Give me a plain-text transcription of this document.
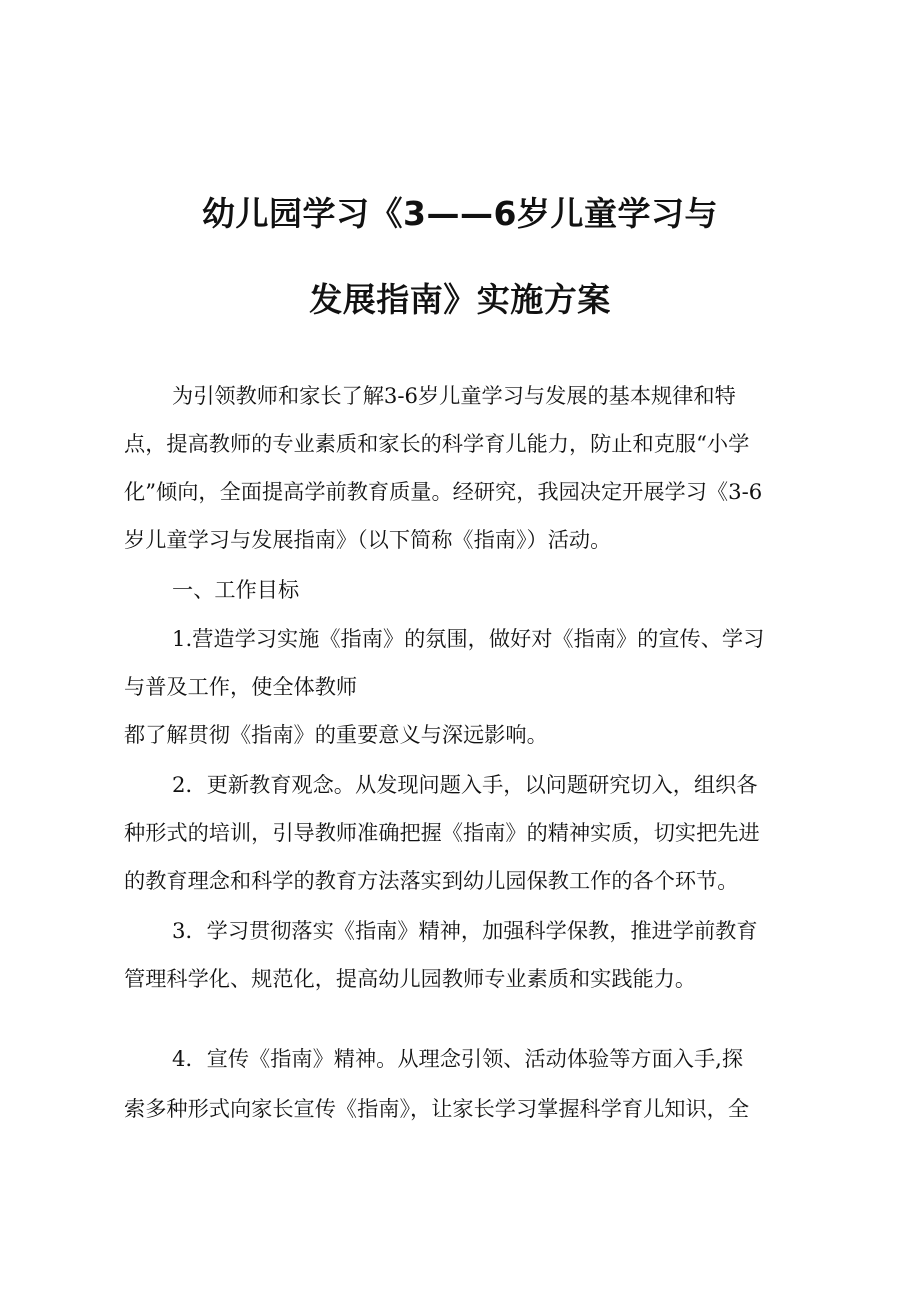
幼儿园学习《3——6岁儿童学习与
发展指南》实施方案
为引领教师和家长了解3-6岁儿童学习与发展的基本规律和特
点，提高教师的专业素质和家长的科学育儿能力，防止和克服“小学
化”倾向，全面提高学前教育质量。经研究，我园决定开展学习《3-6
岁儿童学习与发展指南》（以下简称《指南》）活动。
一、工作目标
1.营造学习实施《指南》的氛围，做好对《指南》的宣传、学习
与普及工作，使全体教师
都了解贯彻《指南》的重要意义与深远影响。
2．更新教育观念。从发现问题入手，以问题研究切入，组织各
种形式的培训，引导教师准确把握《指南》的精神实质，切实把先进
的教育理念和科学的教育方法落实到幼儿园保教工作的各个环节。
3．学习贯彻落实《指南》精神，加强科学保教，推进学前教育
管理科学化、规范化，提高幼儿园教师专业素质和实践能力。
4．宣传《指南》精神。从理念引领、活动体验等方面入手,探
索多种形式向家长宣传《指南》，让家长学习掌握科学育儿知识，全
